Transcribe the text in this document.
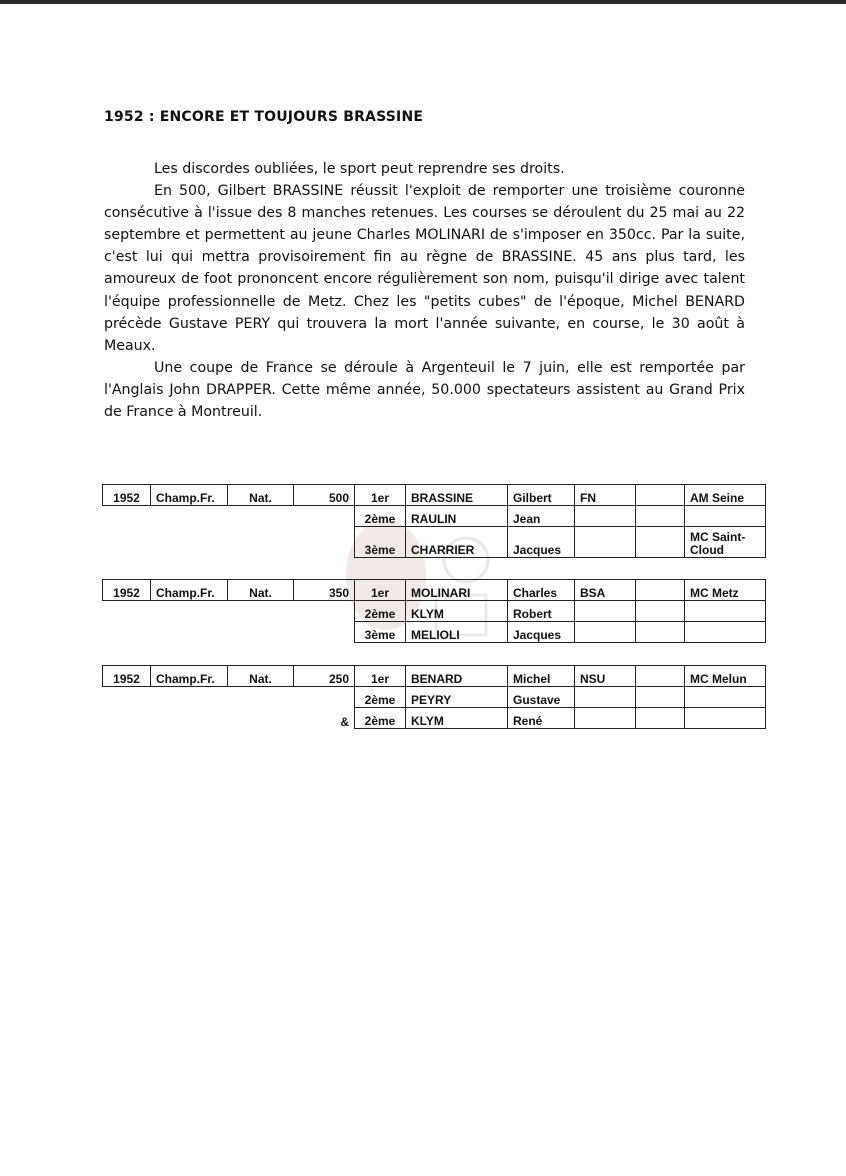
1952 : ENCORE ET TOUJOURS BRASSINE

Les discordes oubliées, le sport peut reprendre ses droits.

En 500, Gilbert BRASSINE réussit l'exploit de remporter une troisième couronne consécutive à l'issue des 8 manches retenues. Les courses se déroulent du 25 mai au 22 septembre et permettent au jeune Charles MOLINARI de s'imposer en 350cc. Par la suite, c'est lui qui mettra provisoirement fin au règne de BRASSINE. 45 ans plus tard, les amoureux de foot prononcent encore régulièrement son nom, puisqu'il dirige avec talent l'équipe professionnelle de Metz. Chez les "petits cubes" de l'époque, Michel BENARD précède Gustave PERY qui trouvera la mort l'année suivante, en course, le 30 août à Meaux.

Une coupe de France se déroule à Argenteuil le 7 juin, elle est remportée par l'Anglais John DRAPPER. Cette même année, 50.000 spectateurs assistent au Grand Prix de France à Montreuil.

1952	Champ.Fr.	Nat.	500	1er	BRASSINE	Gilbert	FN		AM Seine
				2ème	RAULIN	Jean			
				3ème	CHARRIER	Jacques			MC Saint-Cloud
1952	Champ.Fr.	Nat.	350	1er	MOLINARI	Charles	BSA		MC Metz
				2ème	KLYM	Robert			
				3ème	MELIOLI	Jacques			
1952	Champ.Fr.	Nat.	250	1er	BENARD	Michel	NSU		MC Melun
				2ème	PEYRY	Gustave			
			&	2ème	KLYM	René			
